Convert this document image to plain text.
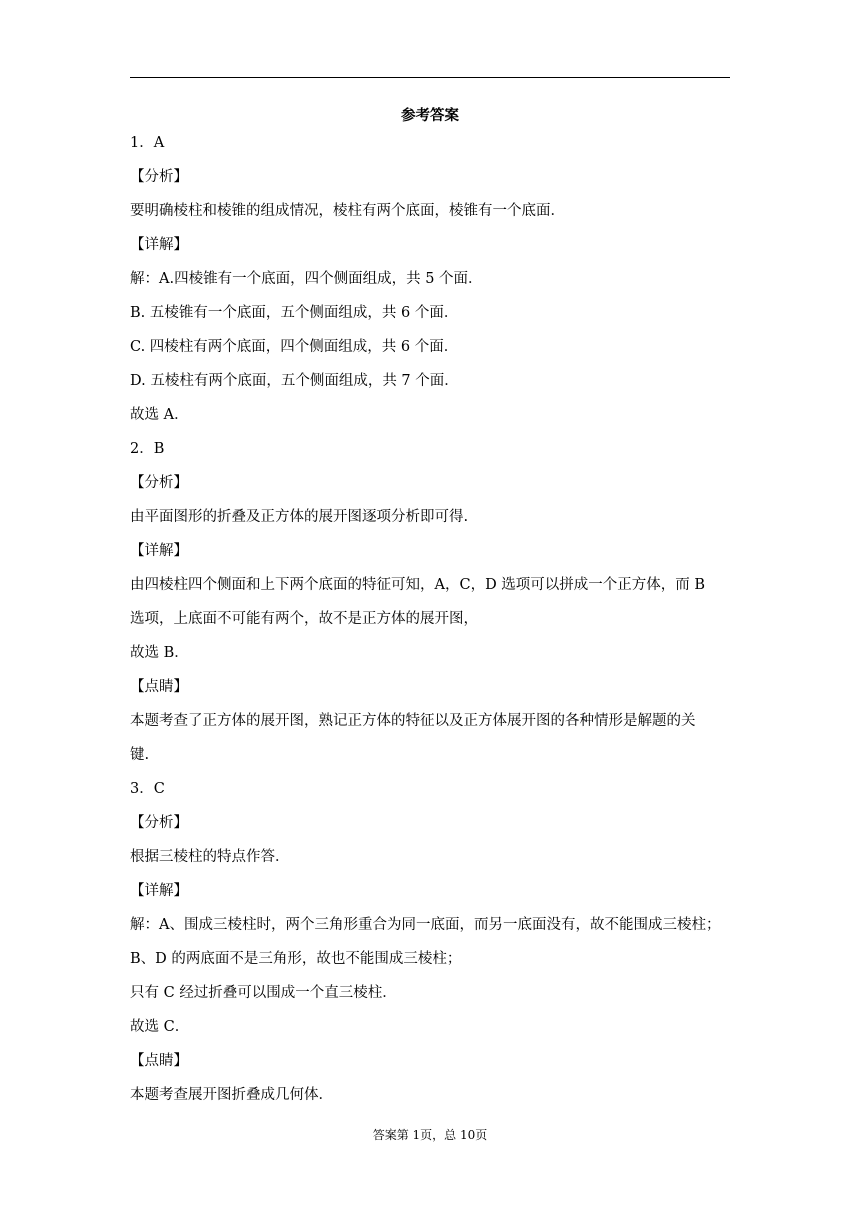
参考答案
1．A
【分析】
要明确棱柱和棱锥的组成情况，棱柱有两个底面，棱锥有一个底面．
【详解】
解：A.四棱锥有一个底面，四个侧面组成，共 5 个面．
B. 五棱锥有一个底面，五个侧面组成，共 6 个面．
C. 四棱柱有两个底面，四个侧面组成，共 6 个面．
D. 五棱柱有两个底面，五个侧面组成，共 7 个面．
故选 A．
2．B
【分析】
由平面图形的折叠及正方体的展开图逐项分析即可得.
【详解】
由四棱柱四个侧面和上下两个底面的特征可知，A，C，D 选项可以拼成一个正方体，而 B
选项，上底面不可能有两个，故不是正方体的展开图，
故选 B．
【点睛】
本题考查了正方体的展开图，熟记正方体的特征以及正方体展开图的各种情形是解题的关
键.
3．C
【分析】
根据三棱柱的特点作答．
【详解】
解：A、围成三棱柱时，两个三角形重合为同一底面，而另一底面没有，故不能围成三棱柱；
B、D 的两底面不是三角形，故也不能围成三棱柱；
只有 C 经过折叠可以围成一个直三棱柱．
故选 C．
【点睛】
本题考查展开图折叠成几何体．
答案第 1页，总 10页
